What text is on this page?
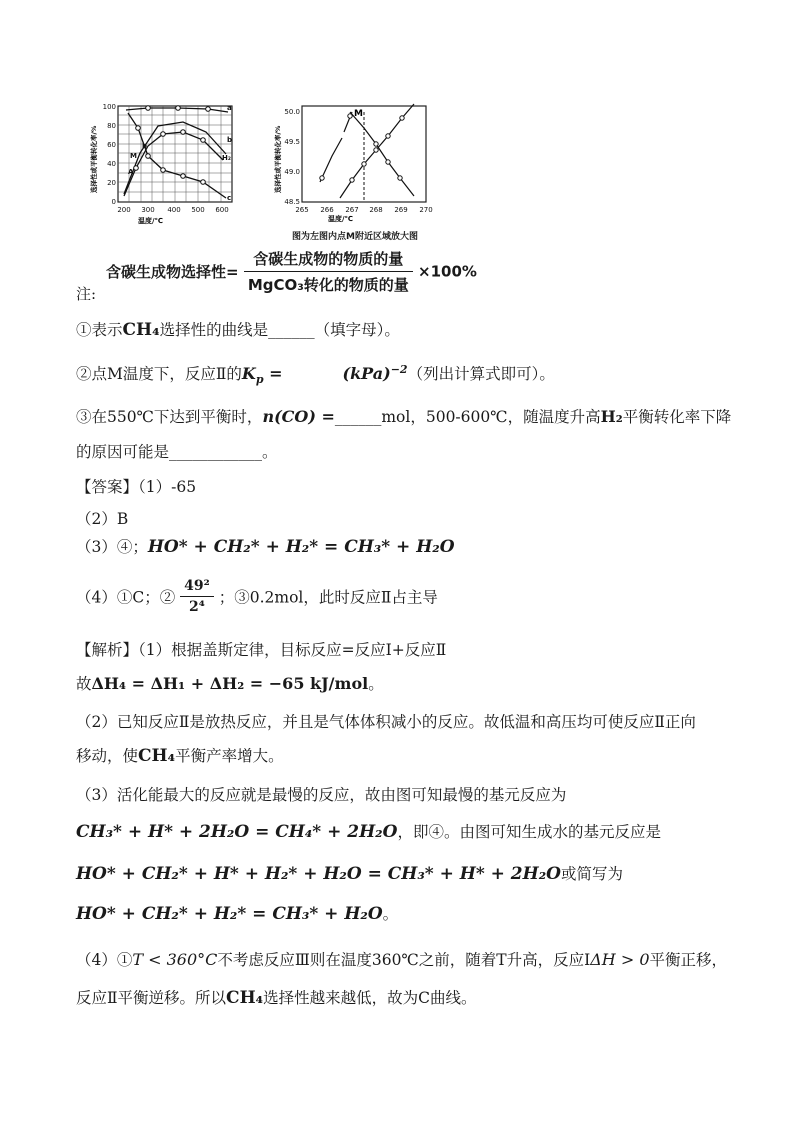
100
80
60
40
20
0
200 300 400 500 600
温度/℃
选择性或平衡转化率/%
a
b
c
H₂
M
b
A
M
50.0
49.5
49.0
48.5
265 266 267 268 269 270
温度/℃
选择性或平衡转化率/%
图为左图内点M附近区域放大图
注:
含碳生成物选择性= $\frac{\text{含碳生成物的物质的量}}{\text{MgCO₃转化的物质的量}} \times 100\%$
①表示CH₄选择性的曲线是______（填字母）。
②点M温度下，反应Ⅱ的$K_p$ =	(kPa)$^{-2}$（列出计算式即可）。
③在550℃下达到平衡时，n(CO) =______mol，500-600℃，随温度升高H₂平衡转化率下降
的原因可能是____________。
【答案】（1）-65
（2）B
（3）④；HO* + CH₂* + H₂* = CH₃* + H₂O
（4）①C；② $\frac{\text{49²}}{\text{2⁴}}$ ；③0.2mol，此时反应Ⅱ占主导
【解析】（1）根据盖斯定律，目标反应=反应Ⅰ+反应Ⅱ
故ΔH₄ = ΔH₁ + ΔH₂ = −65 kJ/mol。
（2）已知反应Ⅱ是放热反应，并且是气体体积减小的反应。故低温和高压均可使反应Ⅱ正向
移动，使CH₄平衡产率增大。
（3）活化能最大的反应就是最慢的反应，故由图可知最慢的基元反应为
CH₃* + H* + 2H₂O = CH₄* + 2H₂O，即④。由图可知生成水的基元反应是
HO* + CH₂* + H* + H₂* + H₂O = CH₃* + H* + 2H₂O或简写为
HO* + CH₂* + H₂* = CH₃* + H₂O。
（4）①T < 360°C不考虑反应Ⅲ则在温度360℃之前，随着T升高，反应ⅠΔH > 0平衡正移，
反应Ⅱ平衡逆移。所以CH₄选择性越来越低，故为C曲线。
